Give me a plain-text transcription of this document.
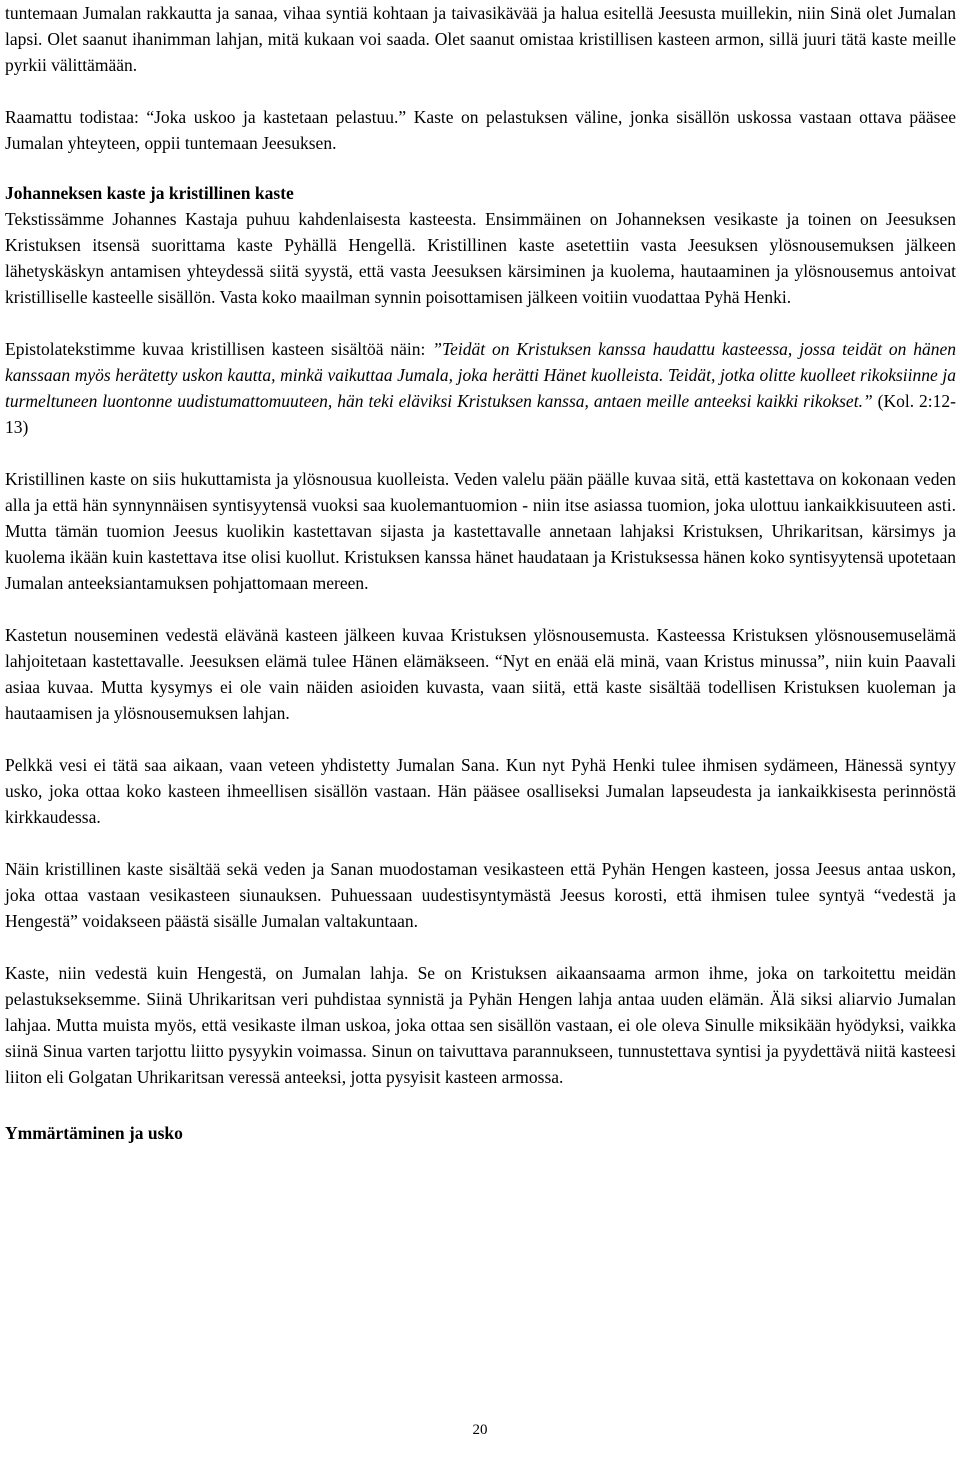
tuntemaan Jumalan rakkautta ja sanaa, vihaa syntiä kohtaan ja taivasikävää ja halua esitellä Jeesusta muillekin, niin Sinä olet Jumalan lapsi. Olet saanut ihanimman lahjan, mitä kukaan voi saada. Olet saanut omistaa kristillisen kasteen armon, sillä juuri tätä kaste meille pyrkii välittämään.

Raamattu todistaa: “Joka uskoo ja kastetaan pelastuu.” Kaste on pelastuksen väline, jonka sisällön uskossa vastaan ottava pääsee Jumalan yhteyteen, oppii tuntemaan Jeesuksen.

Johanneksen kaste ja kristillinen kaste

Tekstissämme Johannes Kastaja puhuu kahdenlaisesta kasteesta. Ensimmäinen on Johanneksen vesikaste ja toinen on Jeesuksen Kristuksen itsensä suorittama kaste Pyhällä Hengellä. Kristillinen kaste asetettiin vasta Jeesuksen ylösnousemuksen jälkeen lähetyskäskyn antamisen yhteydessä siitä syystä, että vasta Jeesuksen kärsiminen ja kuolema, hautaaminen ja ylösnousemus antoivat kristilliselle kasteelle sisällön. Vasta koko maailman synnin poisottamisen jälkeen voitiin vuodattaa Pyhä Henki.

Epistolatekstimme kuvaa kristillisen kasteen sisältöä näin: ”Teidät on Kristuksen kanssa haudattu kasteessa, jossa teidät on hänen kanssaan myös herätetty uskon kautta, minkä vaikuttaa Jumala, joka herätti Hänet kuolleista. Teidät, jotka olitte kuolleet rikoksiinne ja turmeltuneen luontonne uudistumattomuuteen, hän teki eläviksi Kristuksen kanssa, antaen meille anteeksi kaikki rikokset.” (Kol. 2:12-13)

Kristillinen kaste on siis hukuttamista ja ylösnousua kuolleista. Veden valelu pään päälle kuvaa sitä, että kastettava on kokonaan veden alla ja että hän synnynnäisen syntisyytensä vuoksi saa kuolemantuomion - niin itse asiassa tuomion, joka ulottuu iankaikkisuuteen asti. Mutta tämän tuomion Jeesus kuolikin kastettavan sijasta ja kastettavalle annetaan lahjaksi Kristuksen, Uhrikaritsan, kärsimys ja kuolema ikään kuin kastettava itse olisi kuollut. Kristuksen kanssa hänet haudataan ja Kristuksessa hänen koko syntisyytensä upotetaan Jumalan anteeksiantamuksen pohjattomaan mereen.

Kastetun nouseminen vedestä elävänä kasteen jälkeen kuvaa Kristuksen ylösnousemusta. Kasteessa Kristuksen ylösnousemuselämä lahjoitetaan kastettavalle. Jeesuksen elämä tulee Hänen elämäkseen. “Nyt en enää elä minä, vaan Kristus minussa”, niin kuin Paavali asiaa kuvaa. Mutta kysymys ei ole vain näiden asioiden kuvasta, vaan siitä, että kaste sisältää todellisen Kristuksen kuoleman ja hautaamisen ja ylösnousemuksen lahjan.

Pelkkä vesi ei tätä saa aikaan, vaan veteen yhdistetty Jumalan Sana. Kun nyt Pyhä Henki tulee ihmisen sydämeen, Hänessä syntyy usko, joka ottaa koko kasteen ihmeellisen sisällön vastaan. Hän pääsee osalliseksi Jumalan lapseudesta ja iankaikkisesta perinnöstä kirkkaudessa.

Näin kristillinen kaste sisältää sekä veden ja Sanan muodostaman vesikasteen että Pyhän Hengen kasteen, jossa Jeesus antaa uskon, joka ottaa vastaan vesikasteen siunauksen. Puhuessaan uudestisyntymästä Jeesus korosti, että ihmisen tulee syntyä “vedestä ja Hengestä” voidakseen päästä sisälle Jumalan valtakuntaan.

Kaste, niin vedestä kuin Hengestä, on Jumalan lahja. Se on Kristuksen aikaansaama armon ihme, joka on tarkoitettu meidän pelastukseksemme. Siinä Uhrikaritsan veri puhdistaa synnistä ja Pyhän Hengen lahja antaa uuden elämän. Älä siksi aliarvio Jumalan lahjaa. Mutta muista myös, että vesikaste ilman uskoa, joka ottaa sen sisällön vastaan, ei ole oleva Sinulle miksikään hyödyksi, vaikka siinä Sinua varten tarjottu liitto pysyykin voimassa. Sinun on taivuttava parannukseen, tunnustettava syntisi ja pyydettävä niitä kasteesi liiton eli Golgatan Uhrikaritsan veressä anteeksi, jotta pysyisit kasteen armossa.

Ymmärtäminen ja usko

20
